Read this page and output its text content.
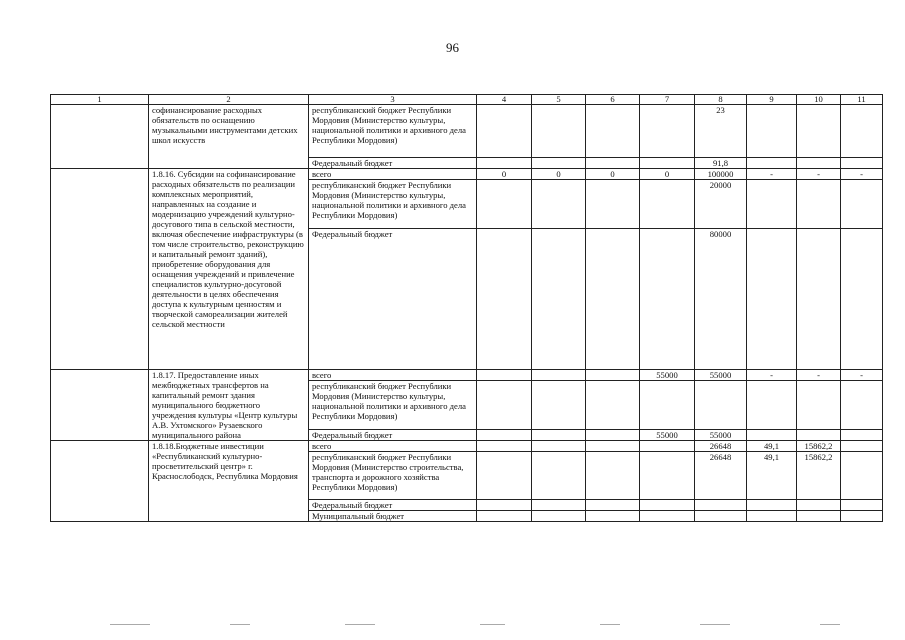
96
1	2	3	4	5	6	7	8	9	10	11
	софинансирование расходных обязательств по оснащению музыкальными инструментами детских школ искусств	республиканский бюджет Республики Мордовия (Министерство культуры, национальной политики и архивного дела Республики Мордовия)					23			
		Федеральный бюджет					91,8			
	1.8.16. Субсидии на софинансирование расходных обязательств по реализации комплексных мероприятий, направленных на создание и модернизацию учреждений культурно-досугового типа в сельской местности, включая обеспечение инфраструктуры (в том числе строительство, реконструкцию и капитальный ремонт зданий), приобретение оборудования для оснащения учреждений и привлечение специалистов культурно-досуговой деятельности в целях обеспечения доступа к культурным ценностям и творческой самореализации жителей сельской местности	всего	0	0	0	0	100000	-	-	-
		республиканский бюджет Республики Мордовия (Министерство культуры, национальной политики и архивного дела Республики Мордовия)					20000			
		Федеральный бюджет					80000			
	1.8.17. Предоставление иных межбюджетных трансфертов на капитальный ремонт здания муниципального бюджетного учреждения культуры «Центр культуры А.В. Ухтомского» Рузаевского муниципального района	всего				55000	55000	-	-	-
		республиканский бюджет Республики Мордовия (Министерство культуры, национальной политики и архивного дела Республики Мордовия)								
		Федеральный бюджет				55000	55000			
	1.8.18.Бюджетные инвестиции «Республиканский культурно-просветительский центр» г. Краснослободск, Республика Мордовия	всего					26648	49,1	15862,2	
		республиканский бюджет Республики Мордовия (Министерство строительства, транспорта и дорожного хозяйства Республики Мордовия)					26648	49,1	15862,2	
		Федеральный бюджет								
		Муниципальный бюджет								
